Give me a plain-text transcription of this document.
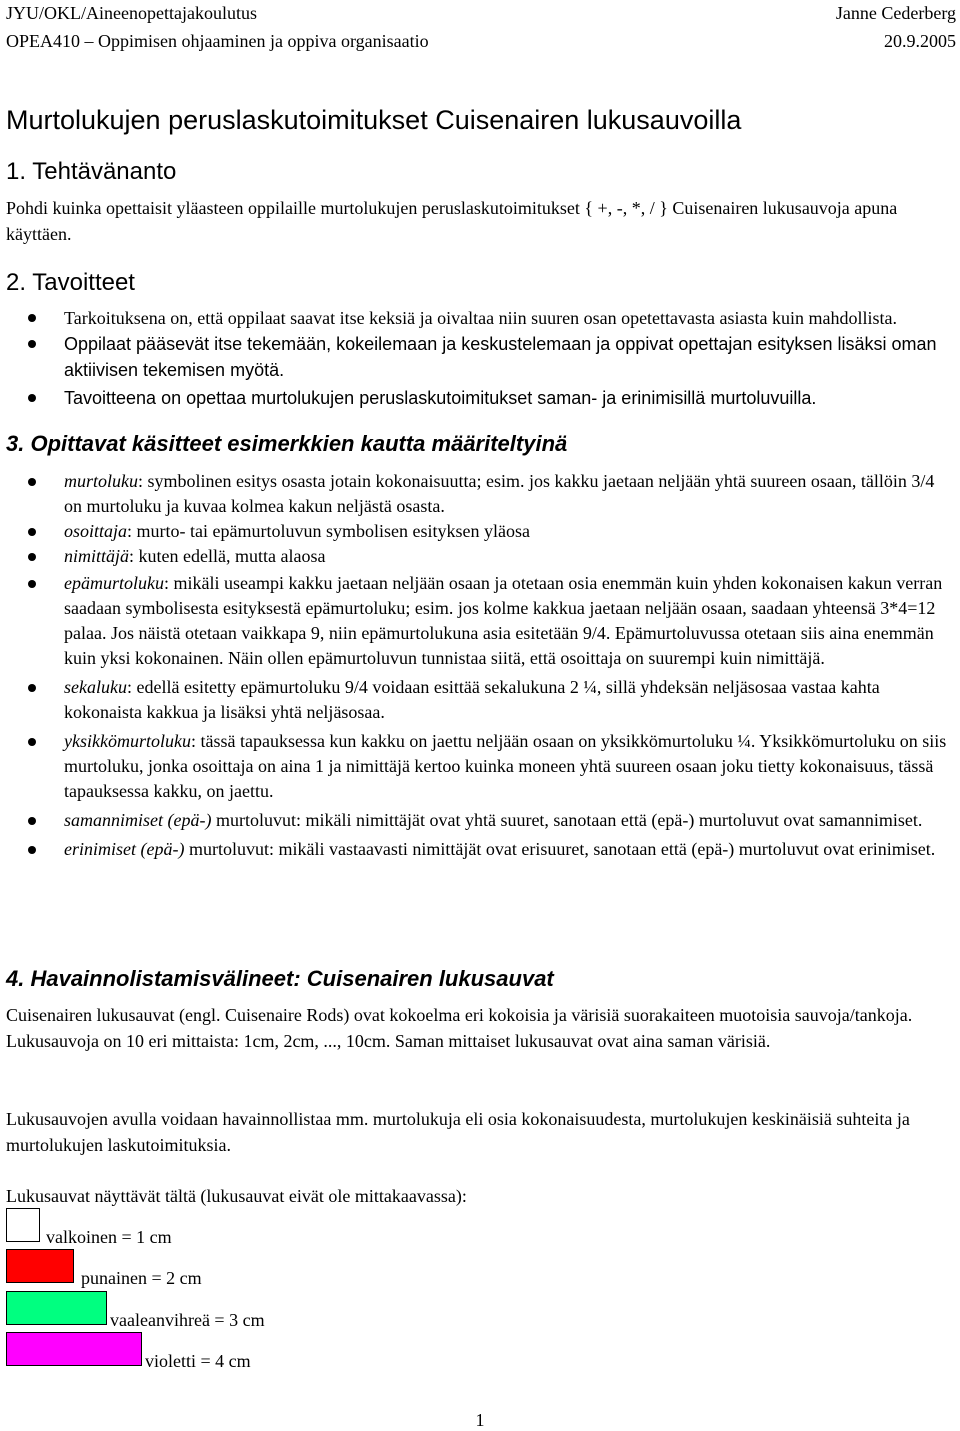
JYU/OKL/Aineenopettajakoulutus	Janne Cederberg
OPEA410 – Oppimisen ohjaaminen ja oppiva organisaatio	20.9.2005
Murtolukujen peruslaskutoimitukset Cuisenairen lukusauvoilla
1. Tehtävänanto
Pohdi kuinka opettaisit yläasteen oppilaille murtolukujen peruslaskutoimitukset { +, -, *, / } Cuisenairen lukusauvoja apuna käyttäen.
2. Tavoitteet
Tarkoituksena on, että oppilaat saavat itse keksiä ja oivaltaa niin suuren osan opetettavasta asiasta kuin mahdollista.
Oppilaat pääsevät itse tekemään, kokeilemaan ja keskustelemaan ja oppivat opettajan esityksen lisäksi oman aktiivisen tekemisen myötä.
Tavoitteena on opettaa murtolukujen peruslaskutoimitukset saman- ja erinimisillä murtoluvuilla.
3. Opittavat käsitteet esimerkkien kautta määriteltyinä
murtoluku: symbolinen esitys osasta jotain kokonaisuutta; esim. jos kakku jaetaan neljään yhtä suureen osaan, tällöin 3/4 on murtoluku ja kuvaa kolmea kakun neljästä osasta.
osoittaja: murto- tai epämurtoluvun symbolisen esityksen yläosa
nimittäjä: kuten edellä, mutta alaosa
epämurtoluku: mikäli useampi kakku jaetaan neljään osaan ja otetaan osia enemmän kuin yhden kokonaisen kakun verran saadaan symbolisesta esityksestä epämurtoluku; esim. jos kolme kakkua jaetaan neljään osaan, saadaan yhteensä 3*4=12 palaa. Jos näistä otetaan vaikkapa 9, niin epämurtolukuna asia esitetään 9/4. Epämurtoluvussa otetaan siis aina enemmän kuin yksi kokonainen. Näin ollen epämurtoluvun tunnistaa siitä, että osoittaja on suurempi kuin nimittäjä.
sekaluku: edellä esitetty epämurtoluku 9/4 voidaan esittää sekalukuna 2 ¼, sillä yhdeksän neljäsosaa vastaa kahta kokonaista kakkua ja lisäksi yhtä neljäsosaa.
yksikkömurtoluku: tässä tapauksessa kun kakku on jaettu neljään osaan on yksikkömurtoluku ¼. Yksikkömurtoluku on siis murtoluku, jonka osoittaja on aina 1 ja nimittäjä kertoo kuinka moneen yhtä suureen osaan joku tietty kokonaisuus, tässä tapauksessa kakku, on jaettu.
samannimiset (epä-) murtoluvut: mikäli nimittäjät ovat yhtä suuret, sanotaan että (epä-) murtoluvut ovat samannimiset.
erinimiset (epä-) murtoluvut: mikäli vastaavasti nimittäjät ovat erisuuret, sanotaan että (epä-) murtoluvut ovat erinimiset.
4. Havainnolistamisvälineet: Cuisenairen lukusauvat
Cuisenairen lukusauvat (engl. Cuisenaire Rods) ovat kokoelma eri kokoisia ja värisiä suorakaiteen muotoisia sauvoja/tankoja. Lukusauvoja on 10 eri mittaista: 1cm, 2cm, ..., 10cm. Saman mittaiset lukusauvat ovat aina saman värisiä.
Lukusauvojen avulla voidaan havainnollistaa mm. murtolukuja eli osia kokonaisuudesta, murtolukujen keskinäisiä suhteita ja murtolukujen laskutoimituksia.
Lukusauvat näyttävät tältä (lukusauvat eivät ole mittakaavassa):
valkoinen = 1 cm
punainen = 2 cm
vaaleanvihreä = 3 cm
violetti = 4 cm
1
